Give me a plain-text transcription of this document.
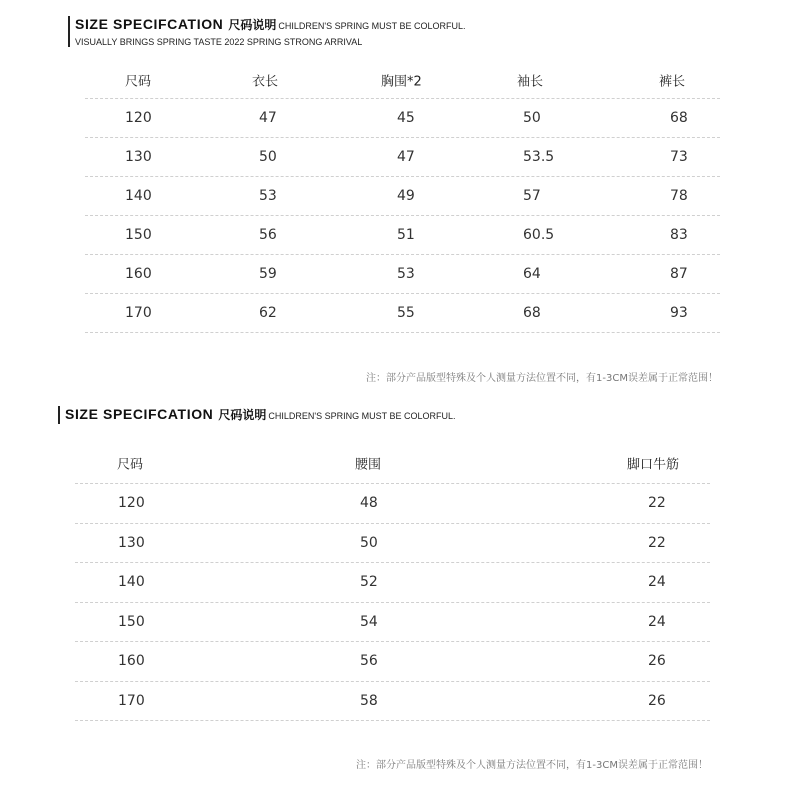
SIZE SPECIFCATION 尺码说明 CHILDREN'S SPRING MUST BE COLORFUL.
VISUALLY BRINGS SPRING TASTE 2022 SPRING STRONG ARRIVAL
尺码	衣长	胸围*2	袖长	裤长
120	47	45	50	68
130	50	47	53.5	73
140	53	49	57	78
150	56	51	60.5	83
160	59	53	64	87
170	62	55	68	93
注：部分产品版型特殊及个人测量方法位置不同，有1-3CM误差属于正常范围！
SIZE SPECIFCATION 尺码说明 CHILDREN'S SPRING MUST BE COLORFUL.
尺码	腰围	脚口牛筋
120	48	22
130	50	22
140	52	24
150	54	24
160	56	26
170	58	26
注：部分产品版型特殊及个人测量方法位置不同，有1-3CM误差属于正常范围！
